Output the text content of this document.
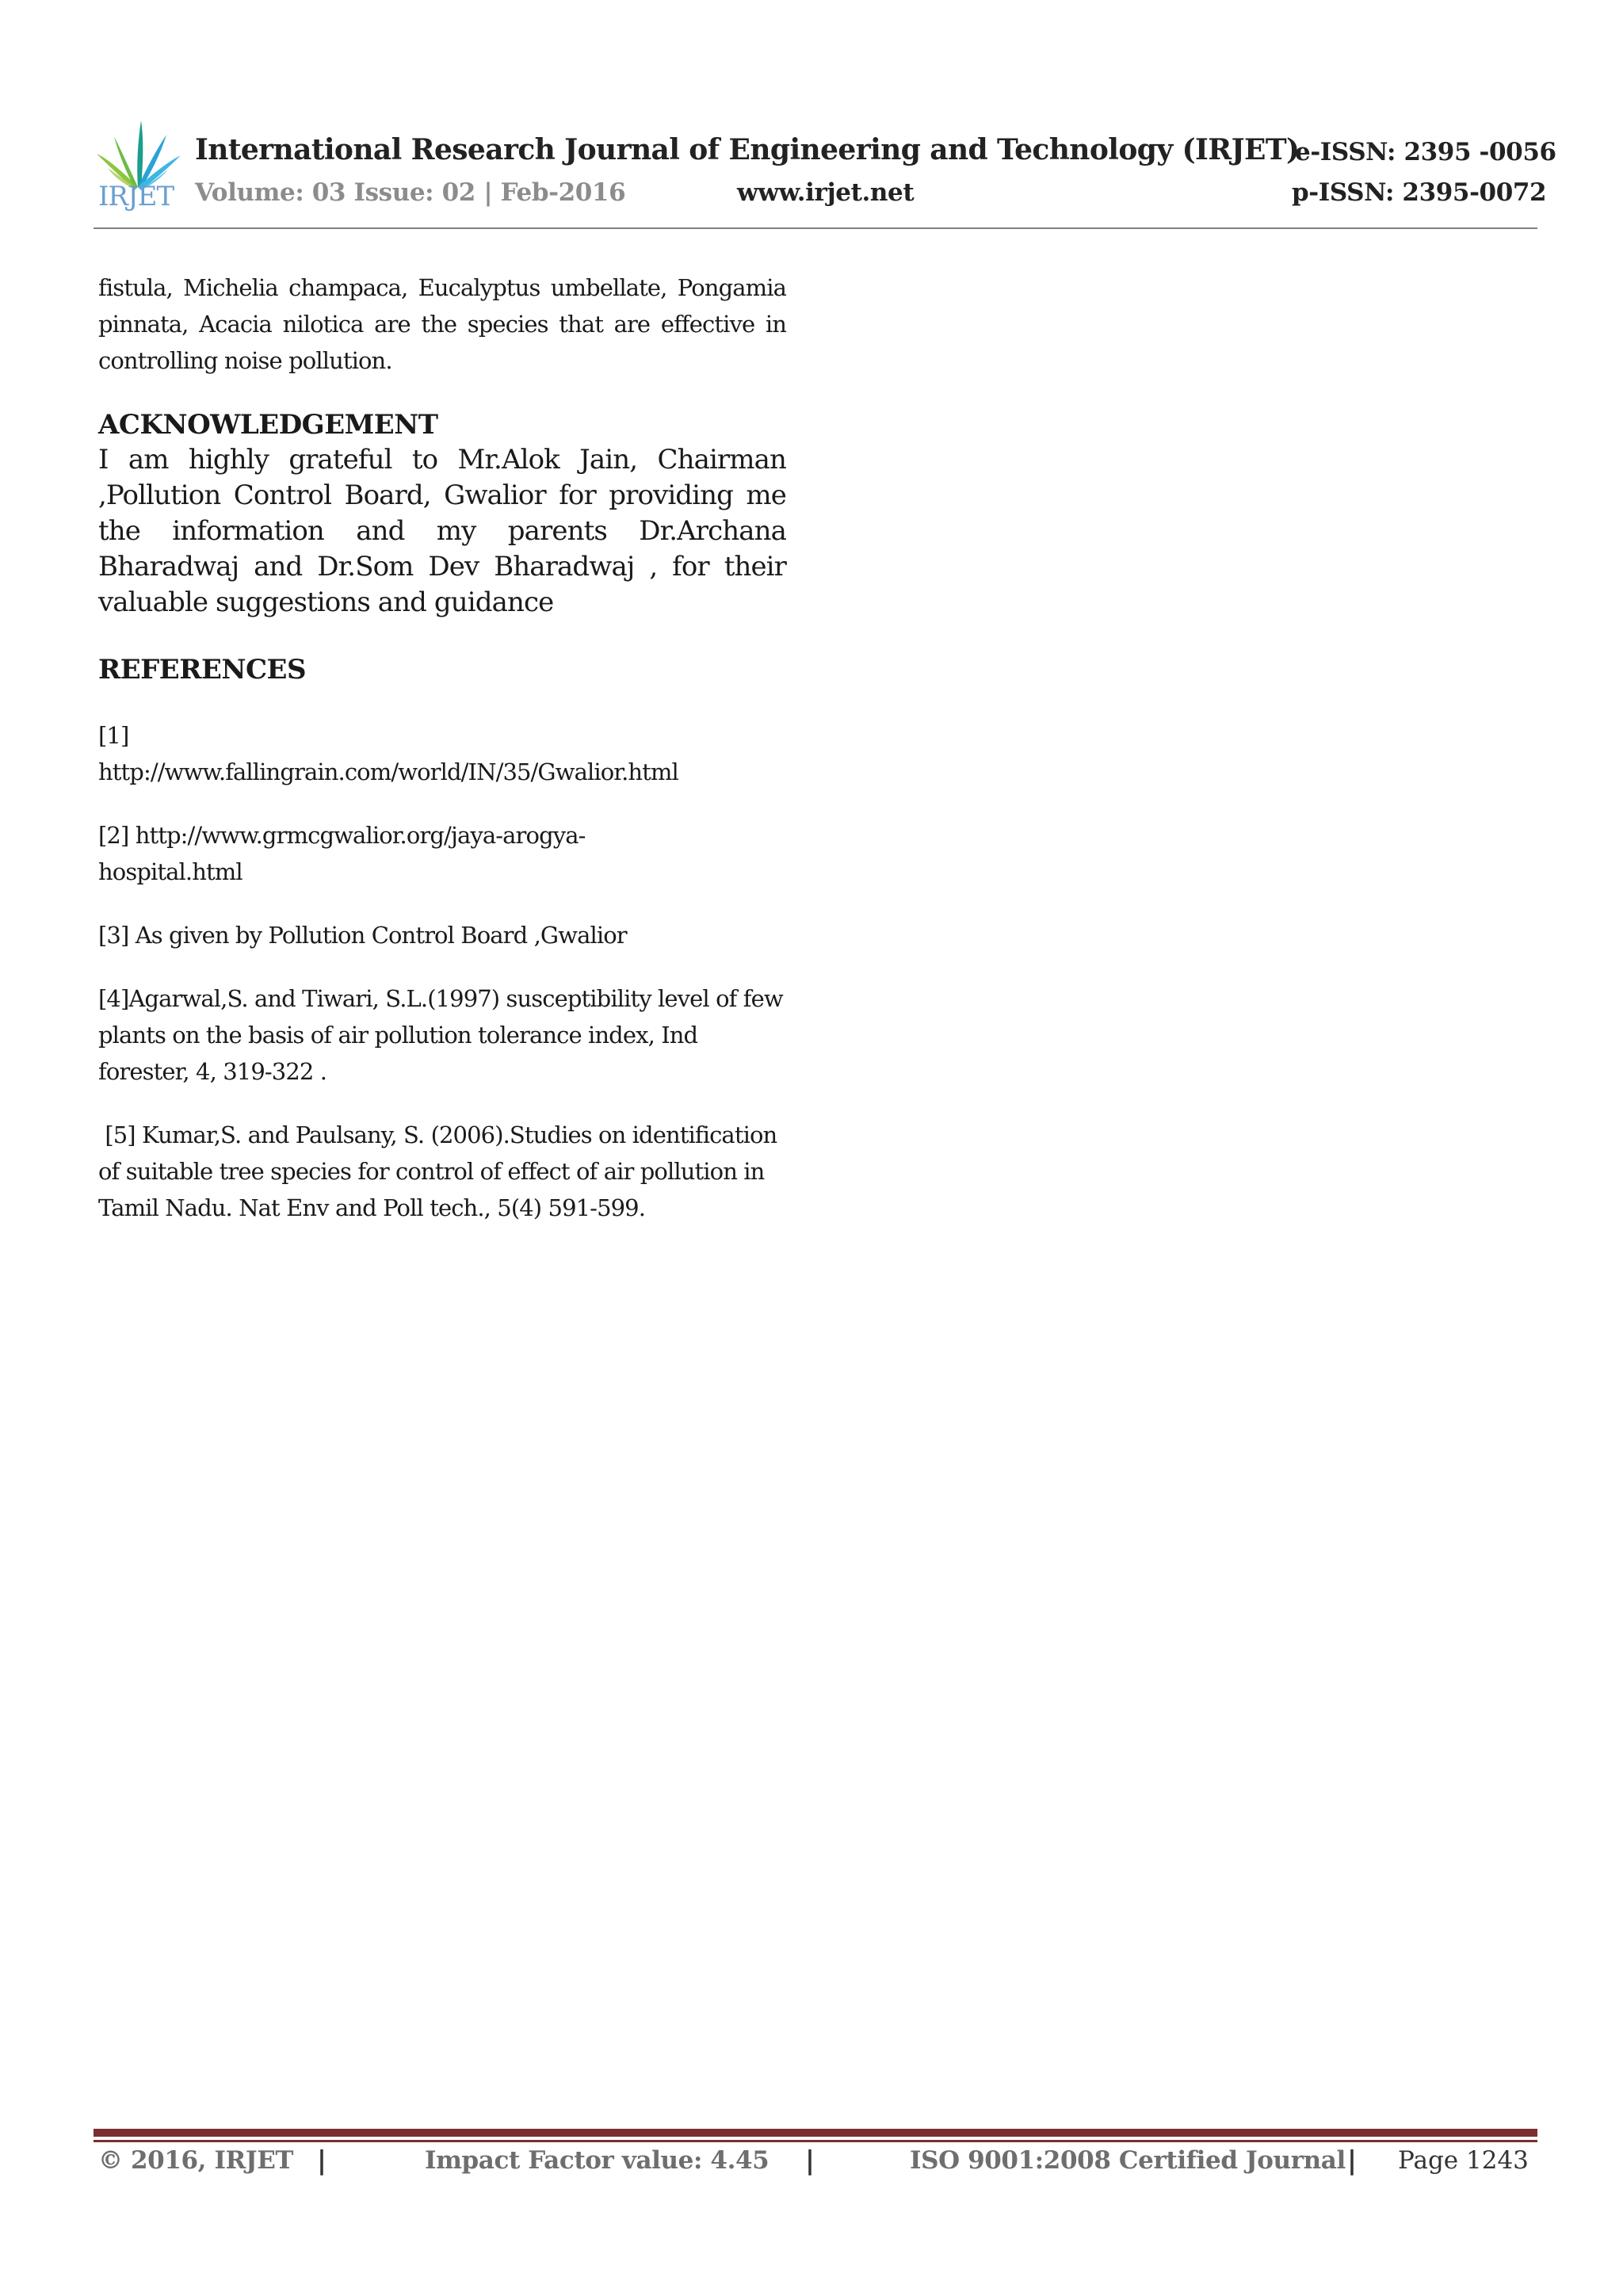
IRJET
International Research Journal of Engineering and Technology (IRJET)
e-ISSN: 2395 -0056
Volume: 03 Issue: 02 | Feb-2016	www.irjet.net	p-ISSN: 2395-0072

fistula, Michelia champaca, Eucalyptus umbellate, Pongamia pinnata, Acacia nilotica are the species that are effective in controlling noise pollution.

ACKNOWLEDGEMENT

I am highly grateful to Mr.Alok Jain, Chairman ,Pollution Control Board, Gwalior for providing me the information and my parents Dr.Archana Bharadwaj and Dr.Som Dev Bharadwaj , for their valuable suggestions and guidance

REFERENCES

[1]

http://www.fallingrain.com/world/IN/35/Gwalior.html

[2] http://www.grmcgwalior.org/jaya-arogya-

hospital.html

[3] As given by Pollution Control Board ,Gwalior

[4]Agarwal,S. and Tiwari, S.L.(1997) susceptibility level of few plants on the basis of air pollution tolerance index, Ind forester, 4, 319-322 .

[5] Kumar,S. and Paulsany, S. (2006).Studies on identification of suitable tree species for control of effect of air pollution in Tamil Nadu. Nat Env and Poll tech., 5(4) 591-599.

© 2016, IRJET |	Impact Factor value: 4.45 |	ISO 9001:2008 Certified Journal | Page 1243
